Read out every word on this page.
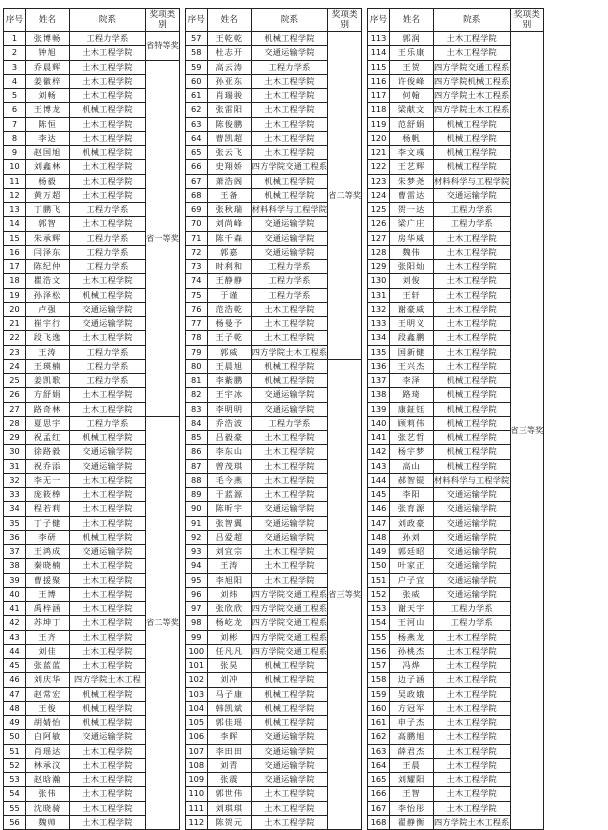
序号	姓名	院系	奖项类别
1	张博畅	工程力学系	省特等奖
2	钟旭	土木工程学院	
3	乔晨辉	土木工程学院	省一等奖
4	姜徽梓	土木工程学院	
5	刘畅	土木工程学院	
6	王博龙	机械工程学院	
7	陈恒	土木工程学院	
8	李达	土木工程学院	
9	赵国旭	机械工程学院	
10	刘鑫林	土木工程学院	
11	杨毅	土木工程学院	
12	黄万超	土木工程学院	
13	丁鹏飞	工程力学系	
14	郭智	土木工程学院	
15	朱承辉	工程力学系	
16	闫泽东	工程力学系	
17	陈纪仲	工程力学系	
18	瞿浩文	土木工程学院	
19	孙泽松	机械工程学院	
20	卢强	交通运输学院	
21	崔宇行	交通运输学院	
22	段飞逸	土木工程学院	
23	王涛	工程力学系	
24	王瑛楠	工程力学系	
25	姜凯歌	工程力学系	
26	方舒娟	土木工程学院	
27	路奇林	土木工程学院	
28	夏思宇	工程力学系	省二等奖
29	祝孟红	机械工程学院	
30	徐路毅	交通运输学院	
31	祝乔添	交通运输学院	
32	李无一	土木工程学院	
33	庞筱棒	土木工程学院	
34	程若莉	土木工程学院	
35	丁子健	土木工程学院	
36	李研	机械工程学院	
37	王鸿成	交通运输学院	
38	秦晓楠	土木工程学院	
39	曹援聚	土木工程学院	
40	王博	土木工程学院	
41	禹梓涵	土木工程学院	
42	苏坤丁	土木工程学院	
43	王齐	土木工程学院	
44	刘佳	土木工程学院	
45	张蓝蓝	土木工程学院	
46	刘庆华	四方学院土木工程	
47	赵常宏	机械工程学院	
48	王俊	机械工程学院	
49	胡婧怡	机械工程学院	
50	白阿敏	交通运输学院	
51	肖瑶达	土木工程学院	
52	林承汶	土木工程学院	
53	赵晗瀚	土木工程学院	
54	张伟	土木工程学院	
55	沈晓骑	土木工程学院	
56	魏帅	土木工程学院	
序号	姓名	院系	奖项类别
57	王乾乾	机械工程学院	省二等奖
58	杜志开	交通运输学院	
59	高云涛	工程力学系	
60	孙亚东	土木工程学院	
61	肖瑞骏	土木工程学院	
62	张雷阳	土木工程学院	
63	陈俊鹏	土木工程学院	
64	曹凯超	土木工程学院	
65	张云飞	土木工程学院	
66	史翔娇	四方学院交通工程系	
67	萧浩阁	机械工程学院	
68	王备	机械工程学院	
69	张秋瑞	材料科学与工程学院	
70	刘尚峰	交通运输学院	
71	陈千森	交通运输学院	
72	郭嘉	交通运输学院	
73	时利和	工程力学系	
74	王静静	工程力学系	
75	于谨	工程力学系	
76	范浩乾	土木工程学院	
77	杨曼予	土木工程学院	
78	王子乾	土木工程学院	
79	郭威	四方学院土木工程系	
80	王晨旭	机械工程学院	省三等奖
81	李紫鹏	机械工程学院	
82	王宇冰	交通运输学院	
83	李明明	交通运输学院	
84	乔浩波	工程力学系	
85	吕毅豪	土木工程学院	
86	李东山	土木工程学院	
87	曾茂琪	土木工程学院	
88	毛今燕	土木工程学院	
89	于蓝源	土木工程学院	
90	陈昕宇	交通运输学院	
91	张智翼	交通运输学院	
92	吕爱超	交通运输学院	
93	刘宜宗	土木工程学院	
94	王涛	土木工程学院	
95	李旭阳	土木工程学院	
96	刘炜	四方学院交通工程系	
97	张欣欣	四方学院交通工程系	
98	杨屹龙	四方学院交通工程系	
99	刘彬	四方学院交通工程系	
100	任凡凡	四方学院交通工程系	
101	张昊	机械工程学院	
102	刘冲	机械工程学院	
103	马子康	机械工程学院	
104	韩凯斌	机械工程学院	
105	郭佳瑶	机械工程学院	
106	李晖	交通运输学院	
107	李田田	交通运输学院	
108	刘青	交通运输学院	
109	张震	交通运输学院	
110	郭世伟	土木工程学院	
111	刘琪琪	土木工程学院	
112	陈贺元	土木工程学院	
序号	姓名	院系	奖项类别
113	郭润	土木工程学院	省三等奖
114	王乐康	土木工程学院	
115	王贺	四方学院交通工程系	
116	许俊峰	四方学院机械工程系	
117	何翰	四方学院土木工程系	
118	梁献文	四方学院土木工程系	
119	范舒娟	机械工程学院	
120	杨帆	机械工程学院	
121	李文彧	机械工程学院	
122	王艺辉	机械工程学院	
123	朱梦尧	材料科学与工程学院	
124	曹雷达	交通运输学院	
125	贺一达	工程力学系	
126	梁广庄	工程力学系	
127	房华威	土木工程学院	
128	魏伟	土木工程学院	
129	张阳灿	土木工程学院	
130	刘俊	土木工程学院	
131	王轩	土木工程学院	
132	谢豪威	土木工程学院	
133	王明义	土木工程学院	
134	段鑫鹏	土木工程学院	
135	国新健	土木工程学院	
136	王兴杰	土木工程学院	
137	李泽	机械工程学院	
138	路琦	机械工程学院	
139	康鉦钰	机械工程学院	
140	顾莉伟	机械工程学院	
141	张艺哲	机械工程学院	
142	杨宇梦	机械工程学院	
143	高山	机械工程学院	
144	郝智锟	材料科学与工程学院	
145	李阳	交通运输学院	
146	张育源	交通运输学院	
147	刘政豪	交通运输学院	
148	孙刘	交通运输学院	
149	郭廷昭	交通运输学院	
150	叶家正	交通运输学院	
151	户子宜	交通运输学院	
152	张威	交通运输学院	
153	谢天宇	工程力学系	
154	王河山	工程力学系	
155	杨燕龙	土木工程学院	
156	孙桃杰	土木工程学院	
157	冯烨	土木工程学院	
158	边子涵	土木工程学院	
159	吴政娥	土木工程学院	
160	方冠军	土木工程学院	
161	申子杰	土木工程学院	
162	高鹏旭	土木工程学院	
163	薛君杰	土木工程学院	
164	王晨	土木工程学院	
165	刘耀阳	土木工程学院	
166	王智	土木工程学院	
167	李怡彤	土木工程学院	
168	翟静衡	四方学院土木工程系	
